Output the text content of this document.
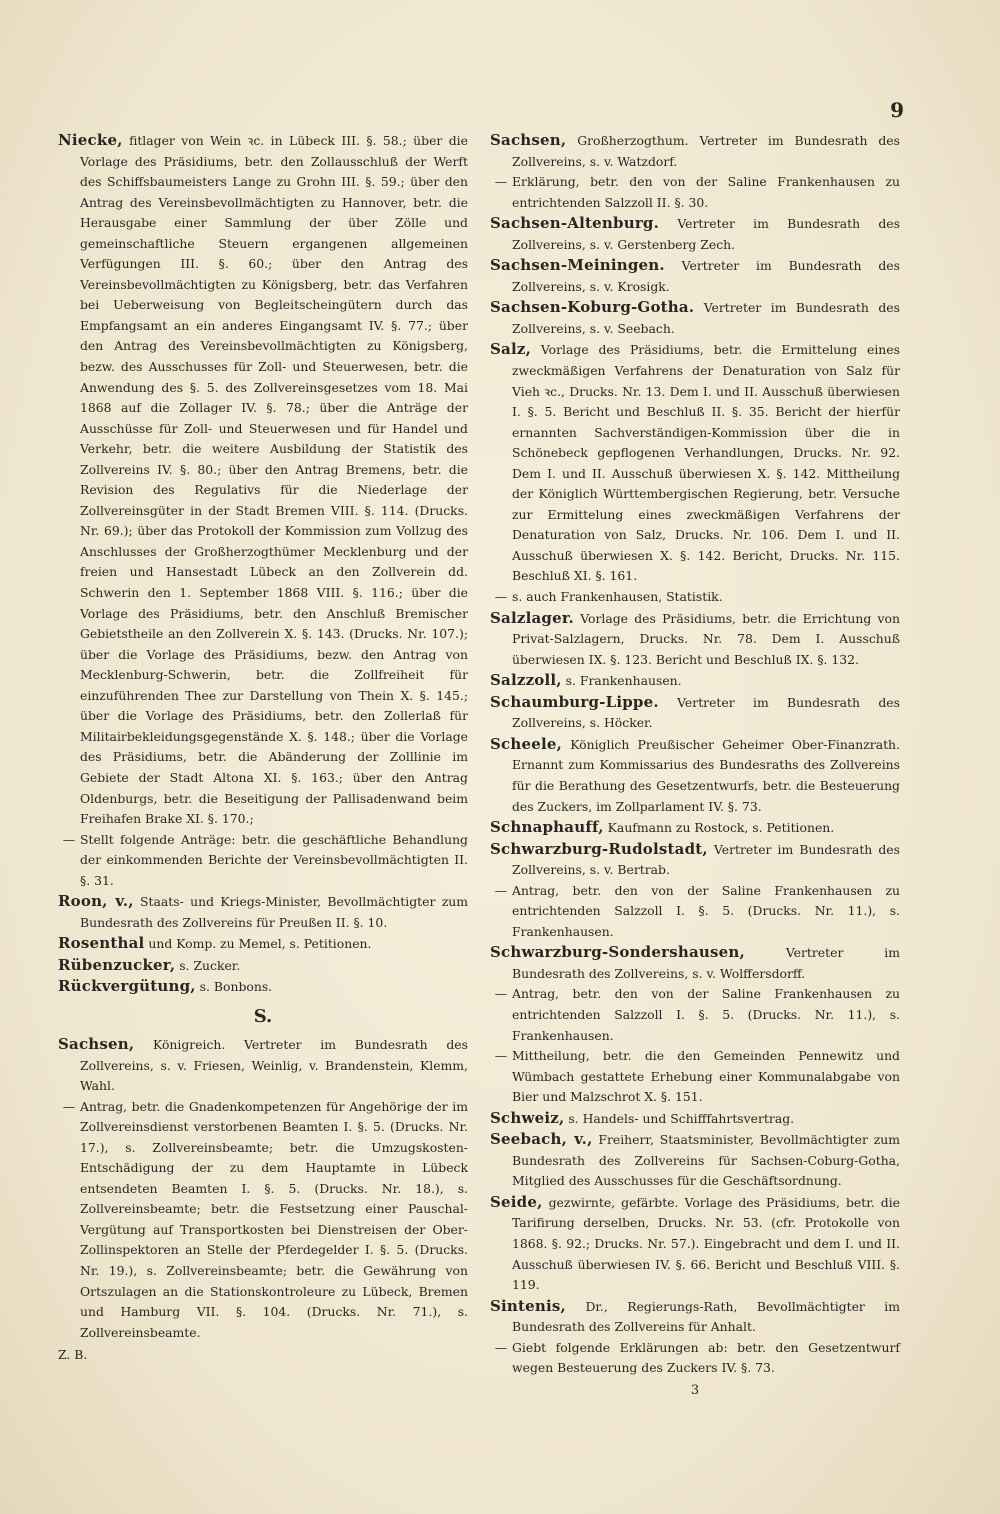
9

Niecke, fitlager von Wein ꝛc. in Lübeck III. §. 58.; über die Vorlage des Präsidiums, betr. den Zollausschluß der Werft des Schiffsbaumeisters Lange zu Grohn III. §. 59.; über den Antrag des Vereinsbevollmächtigten zu Hannover, betr. die Herausgabe einer Sammlung der über Zölle und gemeinschaftliche Steuern ergangenen allgemeinen Verfügungen III. §. 60.; über den Antrag des Vereinsbevollmächtigten zu Königsberg, betr. das Verfahren bei Ueberweisung von Begleitscheingütern durch das Empfangsamt an ein anderes Eingangsamt IV. §. 77.; über den Antrag des Vereinsbevollmächtigten zu Königsberg, bezw. des Ausschusses für Zoll- und Steuerwesen, betr. die Anwendung des §. 5. des Zollvereinsgesetzes vom 18. Mai 1868 auf die Zollager IV. §. 78.; über die Anträge der Ausschüsse für Zoll- und Steuerwesen und für Handel und Verkehr, betr. die weitere Ausbildung der Statistik des Zollvereins IV. §. 80.; über den Antrag Bremens, betr. die Revision des Regulativs für die Niederlage der Zollvereinsgüter in der Stadt Bremen VIII. §. 114. (Drucks. Nr. 69.); über das Protokoll der Kommission zum Vollzug des Anschlusses der Großherzogthümer Mecklenburg und der freien und Hansestadt Lübeck an den Zollverein dd. Schwerin den 1. September 1868 VIII. §. 116.; über die Vorlage des Präsidiums, betr. den Anschluß Bremischer Gebietstheile an den Zollverein X. §. 143. (Drucks. Nr. 107.); über die Vorlage des Präsidiums, bezw. den Antrag von Mecklenburg-Schwerin, betr. die Zollfreiheit für einzuführenden Thee zur Darstellung von Thein X. §. 145.; über die Vorlage des Präsidiums, betr. den Zollerlaß für Militairbekleidungsgegenstände X. §. 148.; über die Vorlage des Präsidiums, betr. die Abänderung der Zolllinie im Gebiete der Stadt Altona XI. §. 163.; über den Antrag Oldenburgs, betr. die Beseitigung der Pallisadenwand beim Freihafen Brake XI. §. 170.;

— Stellt folgende Anträge: betr. die geschäftliche Behandlung der einkommenden Berichte der Vereinsbevollmächtigten II. §. 31.

Roon, v., Staats- und Kriegs-Minister, Bevollmächtigter zum Bundesrath des Zollvereins für Preußen II. §. 10.

Rosenthal und Komp. zu Memel, s. Petitionen.

Rübenzucker, s. Zucker.

Rückvergütung, s. Bonbons.

S.

Sachsen, Königreich. Vertreter im Bundesrath des Zollvereins, s. v. Friesen, Weinlig, v. Brandenstein, Klemm, Wahl.

— Antrag, betr. die Gnadenkompetenzen für Angehörige der im Zollvereinsdienst verstorbenen Beamten I. §. 5. (Drucks. Nr. 17.), s. Zollvereinsbeamte; betr. die Umzugskosten-Entschädigung der zu dem Hauptamte in Lübeck entsendeten Beamten I. §. 5. (Drucks. Nr. 18.), s. Zollvereinsbeamte; betr. die Festsetzung einer Pauschal-Vergütung auf Transportkosten bei Dienstreisen der Ober-Zollinspektoren an Stelle der Pferdegelder I. §. 5. (Drucks. Nr. 19.), s. Zollvereinsbeamte; betr. die Gewährung von Ortszulagen an die Stationskontroleure zu Lübeck, Bremen und Hamburg VII. §. 104. (Drucks. Nr. 71.), s. Zollvereinsbeamte.

Z. B.

Sachsen, Großherzogthum. Vertreter im Bundesrath des Zollvereins, s. v. Watzdorf.

— Erklärung, betr. den von der Saline Frankenhausen zu entrichtenden Salzzoll II. §. 30.

Sachsen-Altenburg. Vertreter im Bundesrath des Zollvereins, s. v. Gerstenberg Zech.

Sachsen-Meiningen. Vertreter im Bundesrath des Zollvereins, s. v. Krosigk.

Sachsen-Koburg-Gotha. Vertreter im Bundesrath des Zollvereins, s. v. Seebach.

Salz, Vorlage des Präsidiums, betr. die Ermittelung eines zweckmäßigen Verfahrens der Denaturation von Salz für Vieh ꝛc., Drucks. Nr. 13. Dem I. und II. Ausschuß überwiesen I. §. 5. Bericht und Beschluß II. §. 35. Bericht der hierfür ernannten Sachverständigen-Kommission über die in Schönebeck gepflogenen Verhandlungen, Drucks. Nr. 92. Dem I. und II. Ausschuß überwiesen X. §. 142. Mittheilung der Königlich Württembergischen Regierung, betr. Versuche zur Ermittelung eines zweckmäßigen Verfahrens der Denaturation von Salz, Drucks. Nr. 106. Dem I. und II. Ausschuß überwiesen X. §. 142. Bericht, Drucks. Nr. 115. Beschluß XI. §. 161.

— s. auch Frankenhausen, Statistik.

Salzlager. Vorlage des Präsidiums, betr. die Errichtung von Privat-Salzlagern, Drucks. Nr. 78. Dem I. Ausschuß überwiesen IX. §. 123. Bericht und Beschluß IX. §. 132.

Salzzoll, s. Frankenhausen.

Schaumburg-Lippe. Vertreter im Bundesrath des Zollvereins, s. Höcker.

Scheele, Königlich Preußischer Geheimer Ober-Finanzrath. Ernannt zum Kommissarius des Bundesraths des Zollvereins für die Berathung des Gesetzentwurfs, betr. die Besteuerung des Zuckers, im Zollparlament IV. §. 73.

Schnaphauff, Kaufmann zu Rostock, s. Petitionen.

Schwarzburg-Rudolstadt, Vertreter im Bundesrath des Zollvereins, s. v. Bertrab.

— Antrag, betr. den von der Saline Frankenhausen zu entrichtenden Salzzoll I. §. 5. (Drucks. Nr. 11.), s. Frankenhausen.

Schwarzburg-Sondershausen,	Vertreter im Bundesrath des Zollvereins, s. v. Wolffersdorff.

— Antrag, betr. den von der Saline Frankenhausen zu entrichtenden Salzzoll I. §. 5. (Drucks. Nr. 11.), s. Frankenhausen.

— Mittheilung, betr. die den Gemeinden Pennewitz und Wümbach gestattete Erhebung einer Kommunalabgabe von Bier und Malzschrot X. §. 151.

Schweiz, s. Handels- und Schifffahrtsvertrag.

Seebach, v., Freiherr, Staatsminister, Bevollmächtigter zum Bundesrath des Zollvereins für Sachsen-Coburg-Gotha, Mitglied des Ausschusses für die Geschäftsordnung.

Seide, gezwirnte, gefärbte. Vorlage des Präsidiums, betr. die Tarifirung derselben, Drucks. Nr. 53. (cfr. Protokolle von 1868. §. 92.; Drucks. Nr. 57.). Eingebracht und dem I. und II. Ausschuß überwiesen IV. §. 66. Bericht und Beschluß VIII. §. 119.

Sintenis, Dr., Regierungs-Rath, Bevollmächtigter im Bundesrath des Zollvereins für Anhalt.

— Giebt folgende Erklärungen ab: betr. den Gesetzentwurf wegen Besteuerung des Zuckers IV. §. 73.

3
